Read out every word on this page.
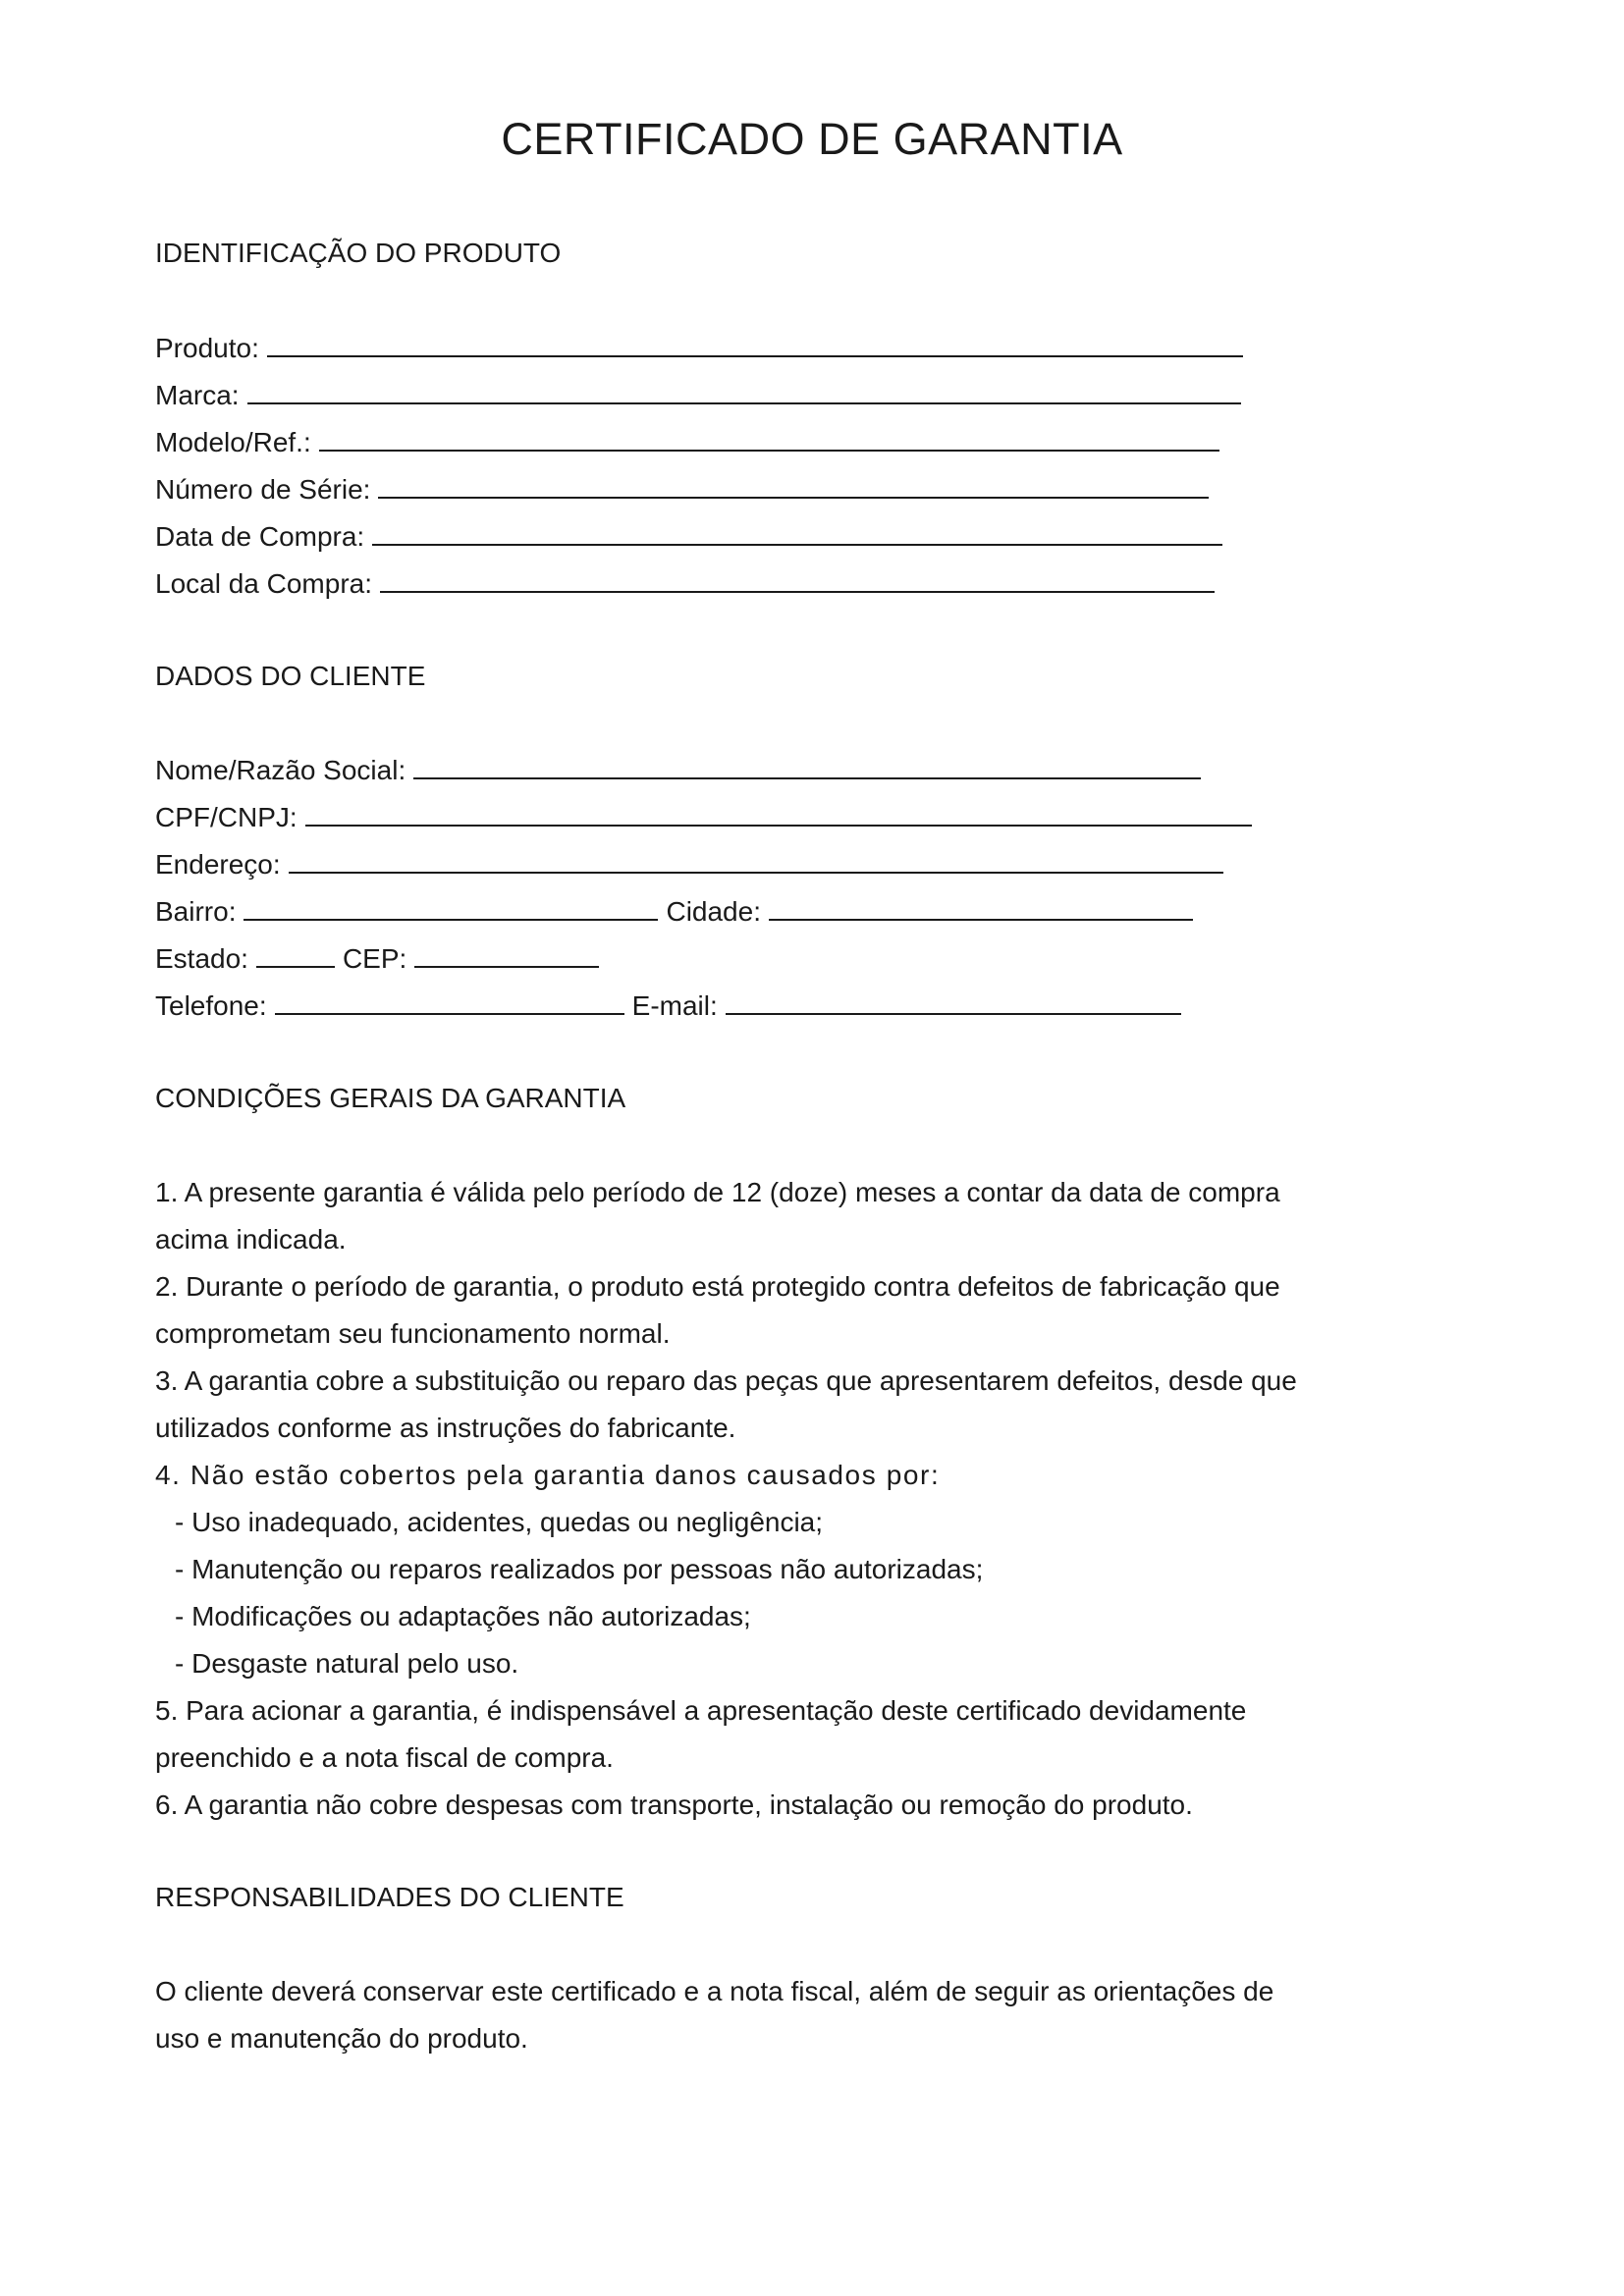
CERTIFICADO DE GARANTIA

IDENTIFICAÇÃO DO PRODUTO

Produto:

Marca:

Modelo/Ref.:

Número de Série:

Data de Compra:

Local da Compra:

DADOS DO CLIENTE

Nome/Razão Social:

CPF/CNPJ:

Endereço:

Bairro:	Cidade:

Estado:	CEP:

Telefone:	E-mail:

CONDIÇÕES GERAIS DA GARANTIA

1. A presente garantia é válida pelo período de 12 (doze) meses a contar da data de compra

acima indicada.

2. Durante o período de garantia, o produto está protegido contra defeitos de fabricação que

comprometam seu funcionamento normal.

3. A garantia cobre a substituição ou reparo das peças que apresentarem defeitos, desde que

utilizados conforme as instruções do fabricante.

4. Não estão cobertos pela garantia danos causados por:

- Uso inadequado, acidentes, quedas ou negligência;

- Manutenção ou reparos realizados por pessoas não autorizadas;

- Modificações ou adaptações não autorizadas;

- Desgaste natural pelo uso.

5. Para acionar a garantia, é indispensável a apresentação deste certificado devidamente

preenchido e a nota fiscal de compra.

6. A garantia não cobre despesas com transporte, instalação ou remoção do produto.

RESPONSABILIDADES DO CLIENTE

O cliente deverá conservar este certificado e a nota fiscal, além de seguir as orientações de

uso e manutenção do produto.
